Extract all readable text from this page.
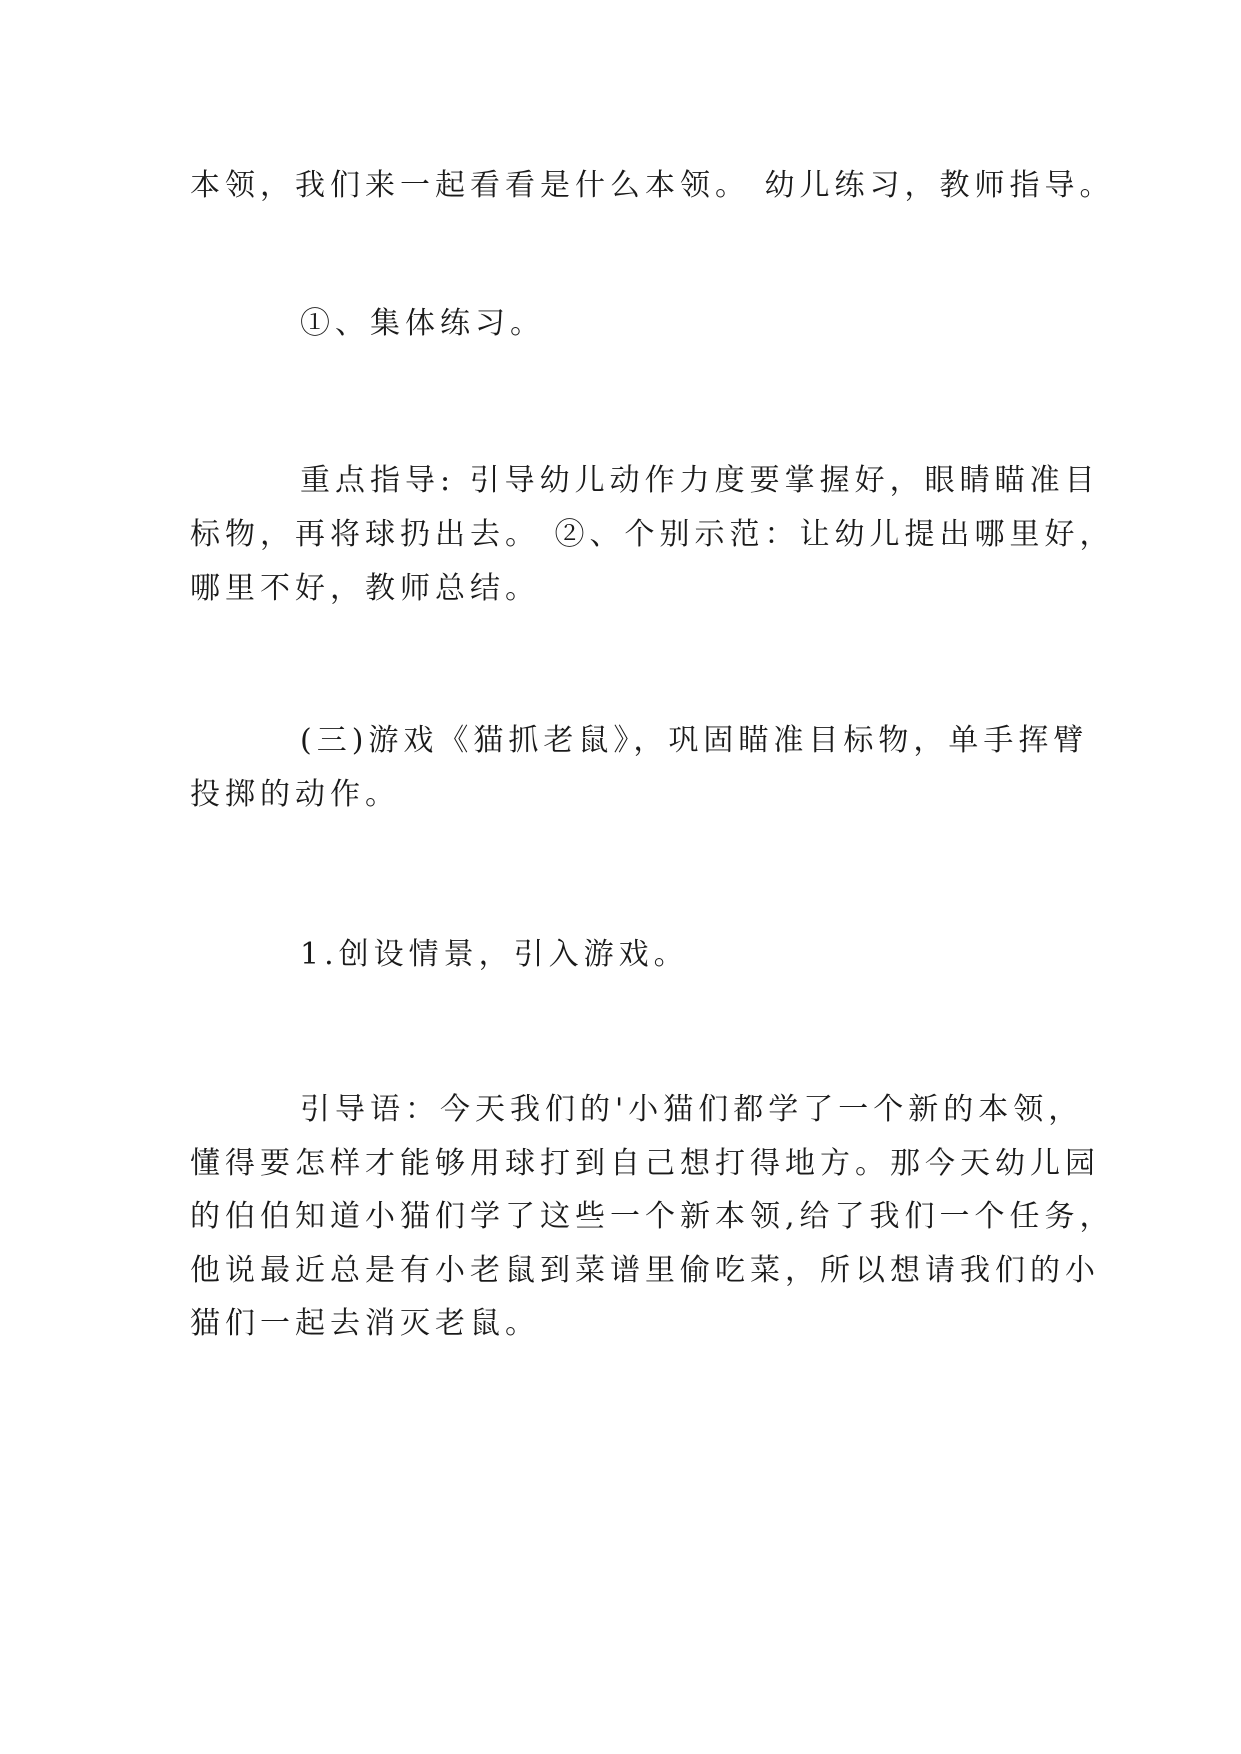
本领，我们来一起看看是什么本领。 幼儿练习，教师指导。
①、集体练习。
重点指导: 引导幼儿动作力度要掌握好，眼睛瞄准目
标物，再将球扔出去。 ②、个别示范：让幼儿提出哪里好，
哪里不好，教师总结。
(三)游戏《猫抓老鼠》，巩固瞄准目标物，单手挥臂
投掷的动作。
1.创设情景，引入游戏。
引导语：今天我们的'小猫们都学了一个新的本领，
懂得要怎样才能够用球打到自己想打得地方。那今天幼儿园
的伯伯知道小猫们学了这些一个新本领,给了我们一个任务，
他说最近总是有小老鼠到菜谱里偷吃菜，所以想请我们的小
猫们一起去消灭老鼠。
